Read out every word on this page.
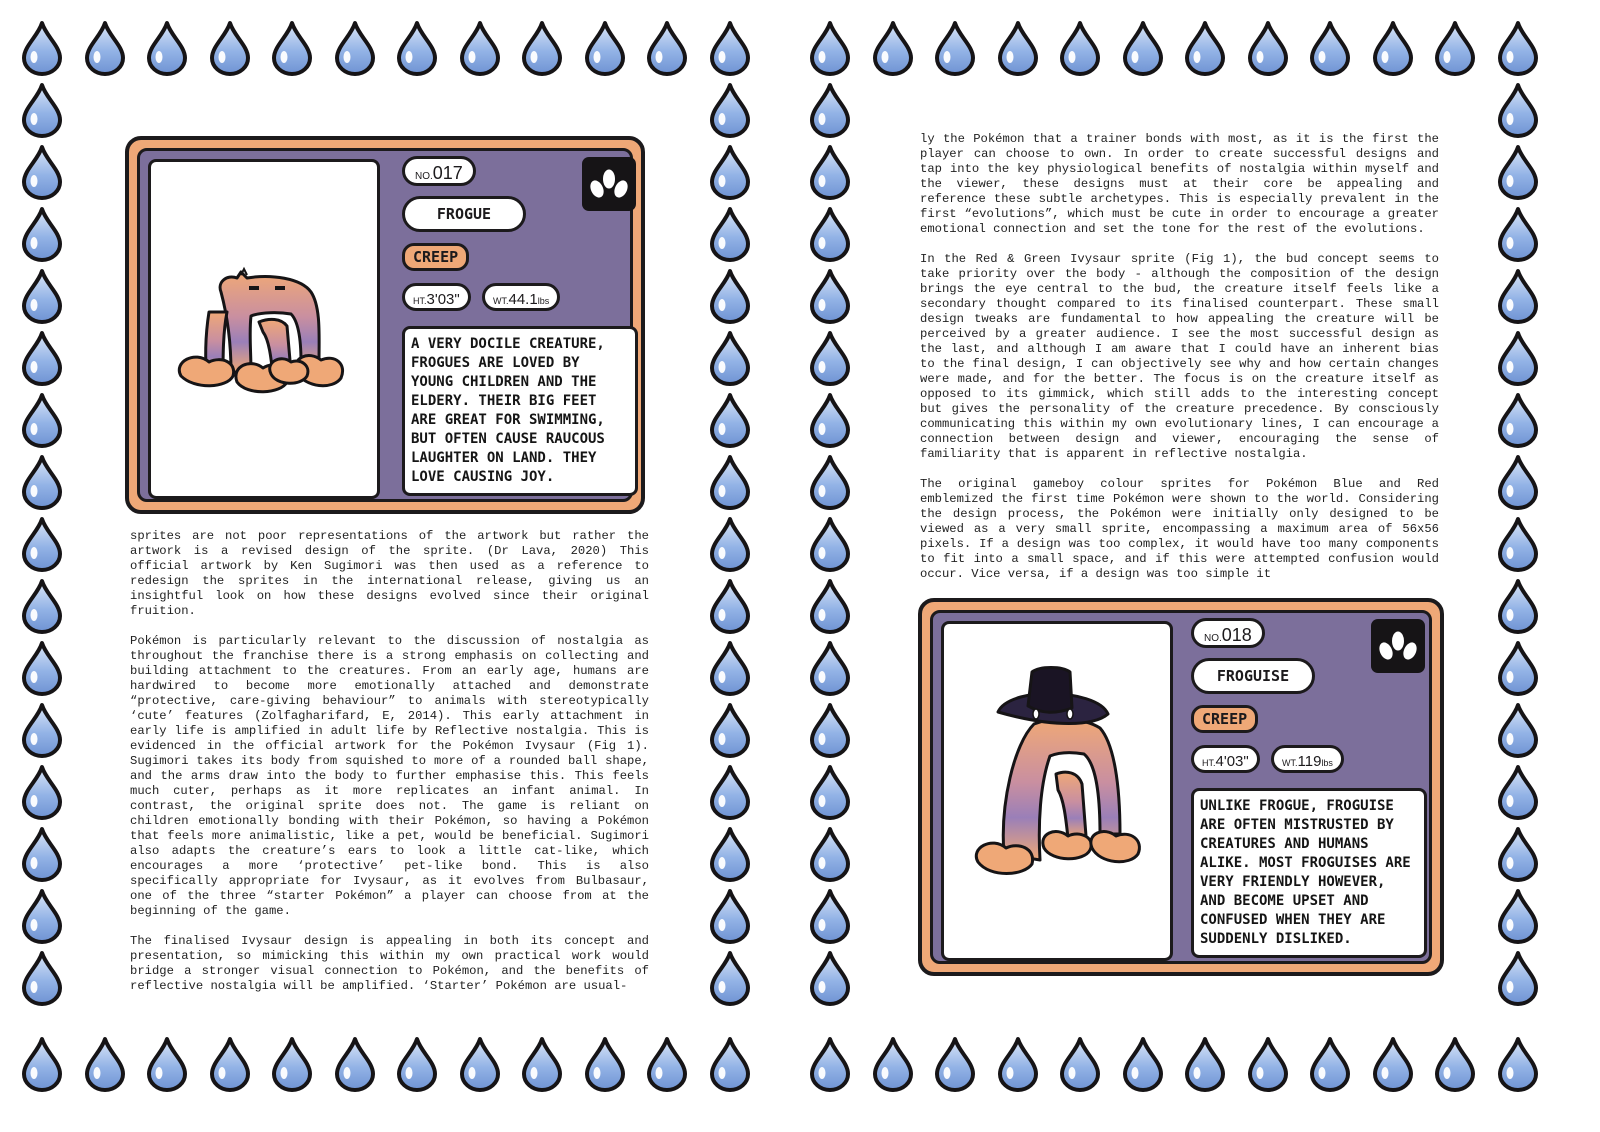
NO. 017
FROGUE
CREEP
HT. 3'03"	WT. 44.1 lbs
A VERY DOCILE CREATURE, FROGUES ARE LOVED BY YOUNG CHILDREN AND THE ELDERY. THEIR BIG FEET ARE GREAT FOR SWIMMING, BUT OFTEN CAUSE RAUCOUS LAUGHTER ON LAND. THEY LOVE CAUSING JOY.

sprites are not poor representations of the artwork but rather the artwork is a revised design of the sprite. (Dr Lava, 2020) This official artwork by Ken Sugimori was then used as a reference to redesign the sprites in the international release, giving us an insightful look on how these designs evolved since their original fruition.

Pokémon is particularly relevant to the discussion of nostalgia as throughout the franchise there is a strong emphasis on collecting and building attachment to the creatures. From an early age, humans are hardwired to become more emotionally attached and demonstrate “protective, care-giving behaviour” to animals with stereotypically ‘cute’ features (Zolfagharifard, E, 2014). This early attachment in early life is amplified in adult life by Reflective nostalgia. This is evidenced in the official artwork for the Pokémon Ivysaur (Fig 1). Sugimori takes its body from squished to more of a rounded ball shape, and the arms draw into the body to further emphasise this. This feels much cuter, perhaps as it more replicates an infant animal. In contrast, the original sprite does not. The game is reliant on children emotionally bonding with their Pokémon, so having a Pokémon that feels more animalistic, like a pet, would be beneficial. Sugimori also adapts the creature’s ears to look a little cat-like, which encourages a more ‘protective’ pet-like bond. This is also specifically appropriate for Ivysaur, as it evolves from Bulbasaur, one of the three “starter Pokémon” a player can choose from at the beginning of the game.

The finalised Ivysaur design is appealing in both its concept and presentation, so mimicking this within my own practical work would bridge a stronger visual connection to Pokémon, and the benefits of reflective nostalgia will be amplified. ‘Starter’ Pokémon are usual-

ly the Pokémon that a trainer bonds with most, as it is the first the player can choose to own. In order to create successful designs and tap into the key physiological benefits of nostalgia within myself and the viewer, these designs must at their core be appealing and reference these subtle archetypes. This is especially prevalent in the first “evolutions”, which must be cute in order to encourage a greater emotional connection and set the tone for the rest of the evolutions.

In the Red & Green Ivysaur sprite (Fig 1), the bud concept seems to take priority over the body - although the composition of the design brings the eye central to the bud, the creature itself feels like a secondary thought compared to its finalised counterpart. These small design tweaks are fundamental to how appealing the creature will be perceived by a greater audience. I see the most successful design as the last, and although I am aware that I could have an inherent bias to the final design, I can objectively see why and how certain changes were made, and for the better. The focus is on the creature itself as opposed to its gimmick, which still adds to the interesting concept but gives the personality of the creature precedence. By consciously communicating this within my own evolutionary lines, I can encourage a connection between design and viewer, encouraging the sense of familiarity that is apparent in reflective nostalgia.

The original gameboy colour sprites for Pokémon Blue and Red emblemized the first time Pokémon were shown to the world. Considering the design process, the Pokémon were initially only designed to be viewed as a very small sprite, encompassing a maximum area of 56x56 pixels. If a design was too complex, it would have too many components to fit into a small space, and if this were attempted confusion would occur. Vice versa, if a design was too simple it

NO. 018
FROGUISE
CREEP
HT. 4'03"	WT. 119 lbs
UNLIKE FROGUE, FROGUISE ARE OFTEN MISTRUSTED BY CREATURES AND HUMANS ALIKE. MOST FROGUISES ARE VERY FRIENDLY HOWEVER, AND BECOME UPSET AND CONFUSED WHEN THEY ARE SUDDENLY DISLIKED.
